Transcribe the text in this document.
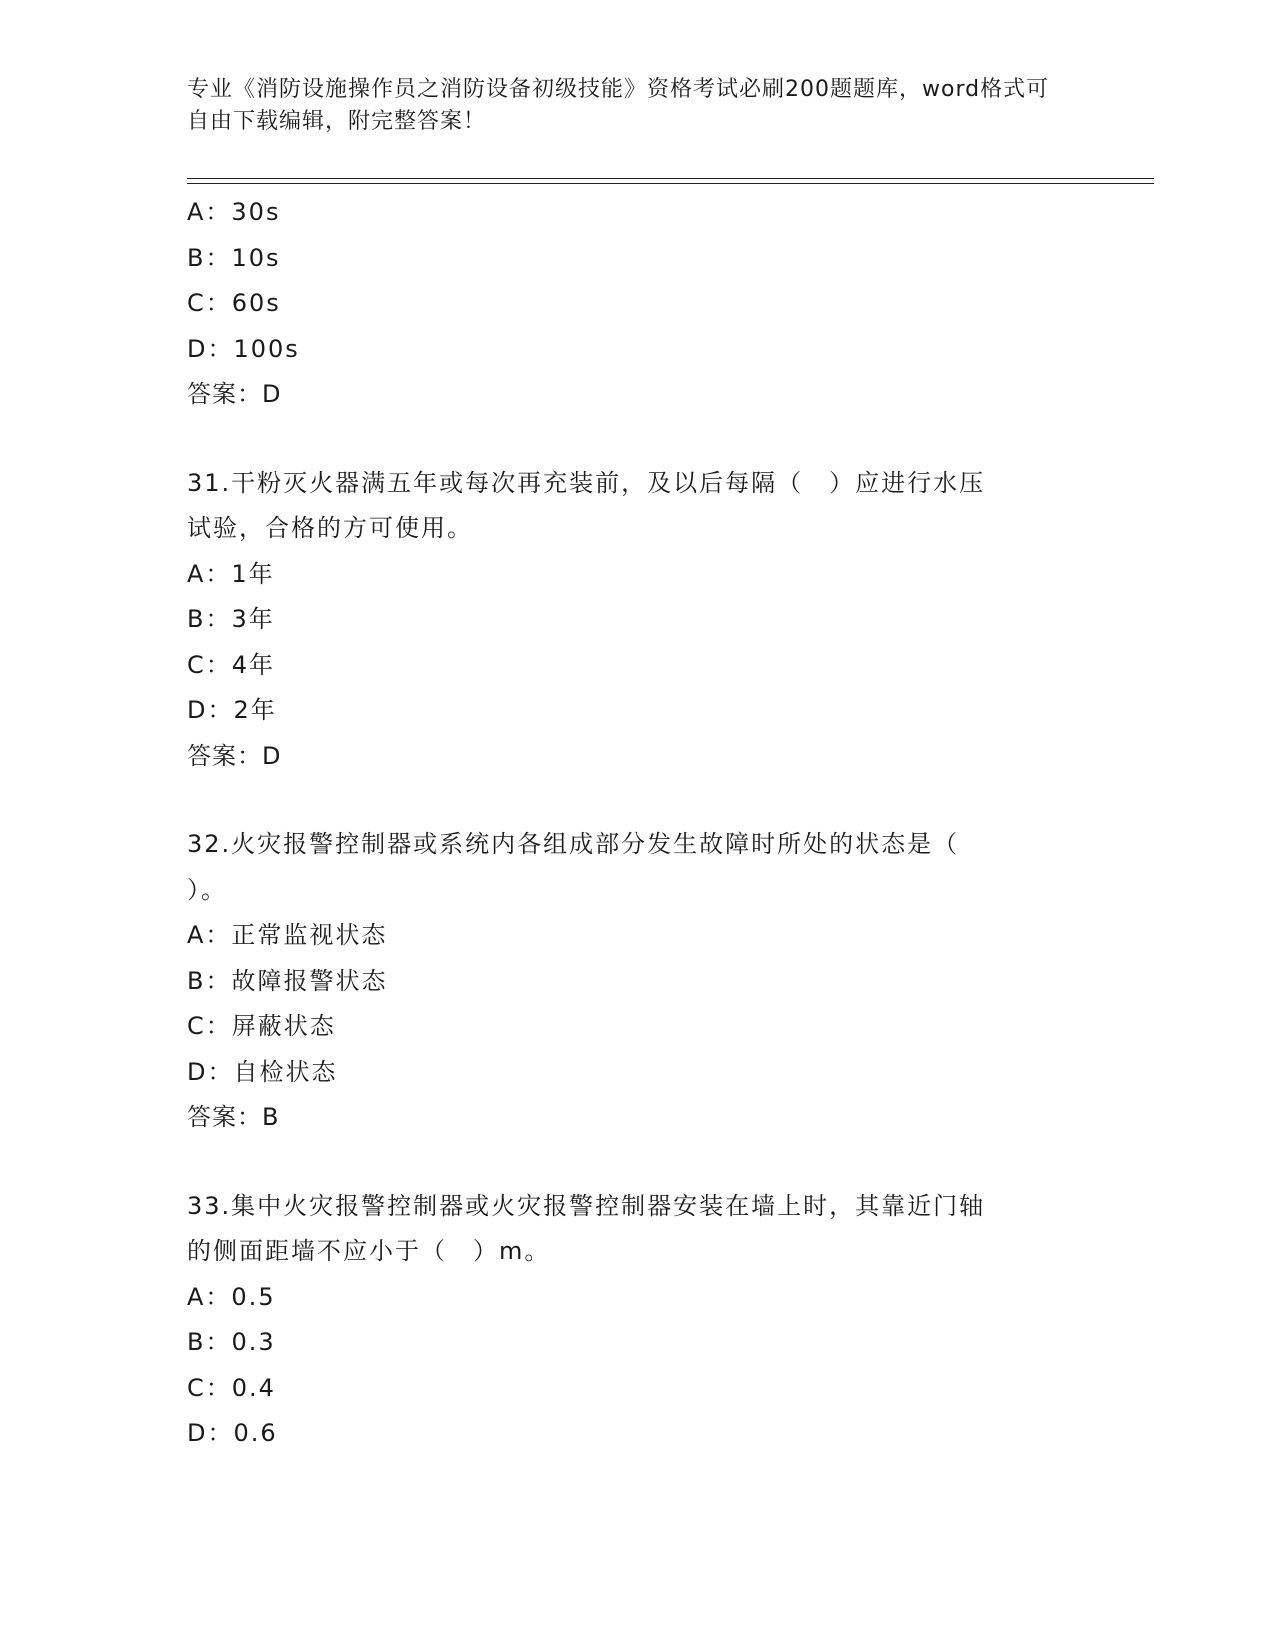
专业《消防设施操作员之消防设备初级技能》资格考试必刷200题题库，word格式可自由下载编辑，附完整答案！
A：30s
B：10s
C：60s
D：100s
答案：D
31.干粉灭火器满五年或每次再充装前，及以后每隔（　）应进行水压
试验，合格的方可使用。
A：1年
B：3年
C：4年
D：2年
答案：D
32.火灾报警控制器或系统内各组成部分发生故障时所处的状态是（
）。
A：正常监视状态
B：故障报警状态
C：屏蔽状态
D：自检状态
答案：B
33.集中火灾报警控制器或火灾报警控制器安装在墙上时，其靠近门轴
的侧面距墙不应小于（　）m。
A：0.5
B：0.3
C：0.4
D：0.6
